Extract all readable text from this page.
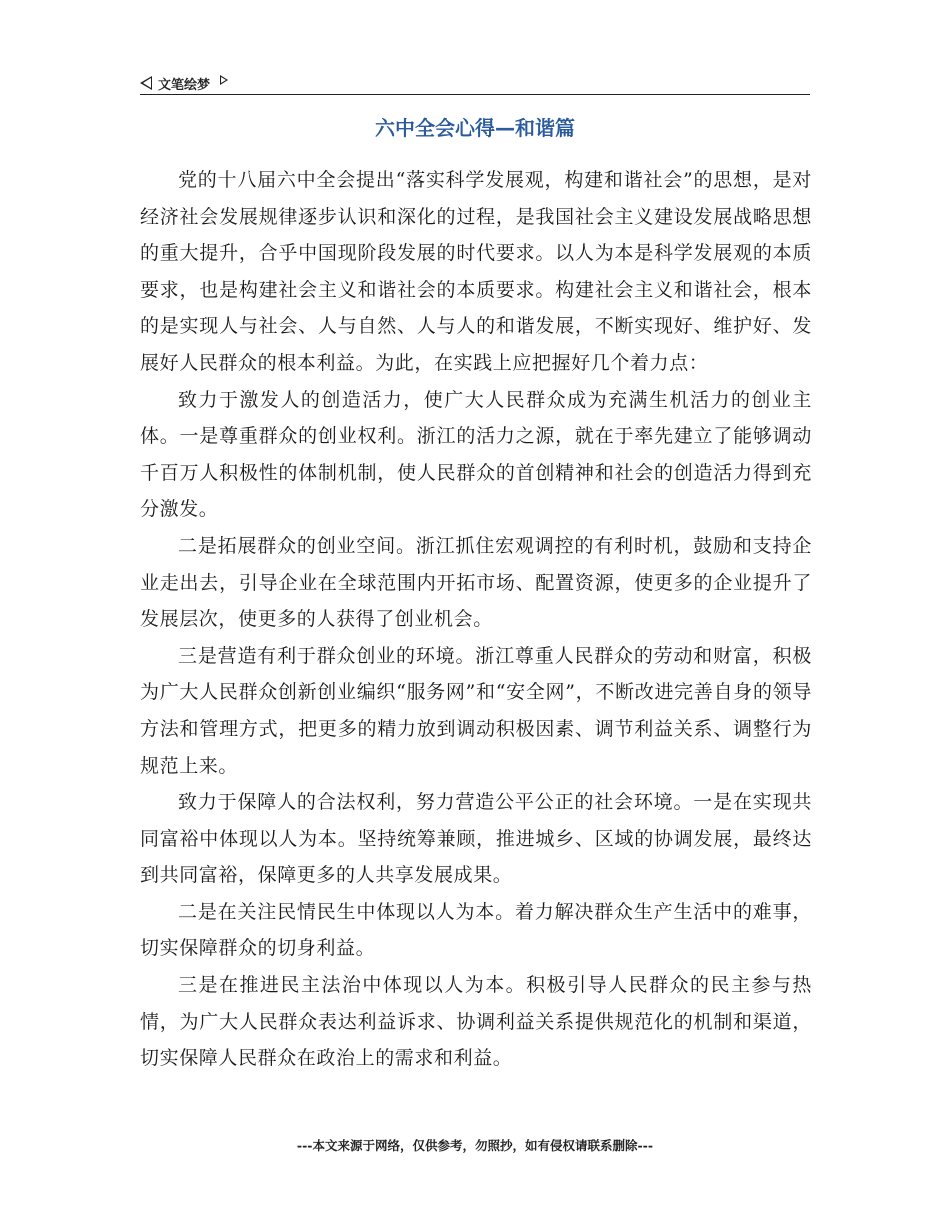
文笔绘梦
六中全会心得—和谐篇

党的十八届六中全会提出“落实科学发展观，构建和谐社会”的思想，是对经济社会发展规律逐步认识和深化的过程，是我国社会主义建设发展战略思想的重大提升，合乎中国现阶段发展的时代要求。以人为本是科学发展观的本质要求，也是构建社会主义和谐社会的本质要求。构建社会主义和谐社会，根本的是实现人与社会、人与自然、人与人的和谐发展，不断实现好、维护好、发展好人民群众的根本利益。为此，在实践上应把握好几个着力点：

致力于激发人的创造活力，使广大人民群众成为充满生机活力的创业主体。一是尊重群众的创业权利。浙江的活力之源，就在于率先建立了能够调动千百万人积极性的体制机制，使人民群众的首创精神和社会的创造活力得到充分激发。

二是拓展群众的创业空间。浙江抓住宏观调控的有利时机，鼓励和支持企业走出去，引导企业在全球范围内开拓市场、配置资源，使更多的企业提升了发展层次，使更多的人获得了创业机会。

三是营造有利于群众创业的环境。浙江尊重人民群众的劳动和财富，积极为广大人民群众创新创业编织“服务网”和“安全网”，不断改进完善自身的领导方法和管理方式，把更多的精力放到调动积极因素、调节利益关系、调整行为规范上来。

致力于保障人的合法权利，努力营造公平公正的社会环境。一是在实现共同富裕中体现以人为本。坚持统筹兼顾，推进城乡、区域的协调发展，最终达到共同富裕，保障更多的人共享发展成果。

二是在关注民情民生中体现以人为本。着力解决群众生产生活中的难事，切实保障群众的切身利益。

三是在推进民主法治中体现以人为本。积极引导人民群众的民主参与热情，为广大人民群众表达利益诉求、协调利益关系提供规范化的机制和渠道，切实保障人民群众在政治上的需求和利益。

---本文来源于网络，仅供参考，勿照抄，如有侵权请联系删除---
